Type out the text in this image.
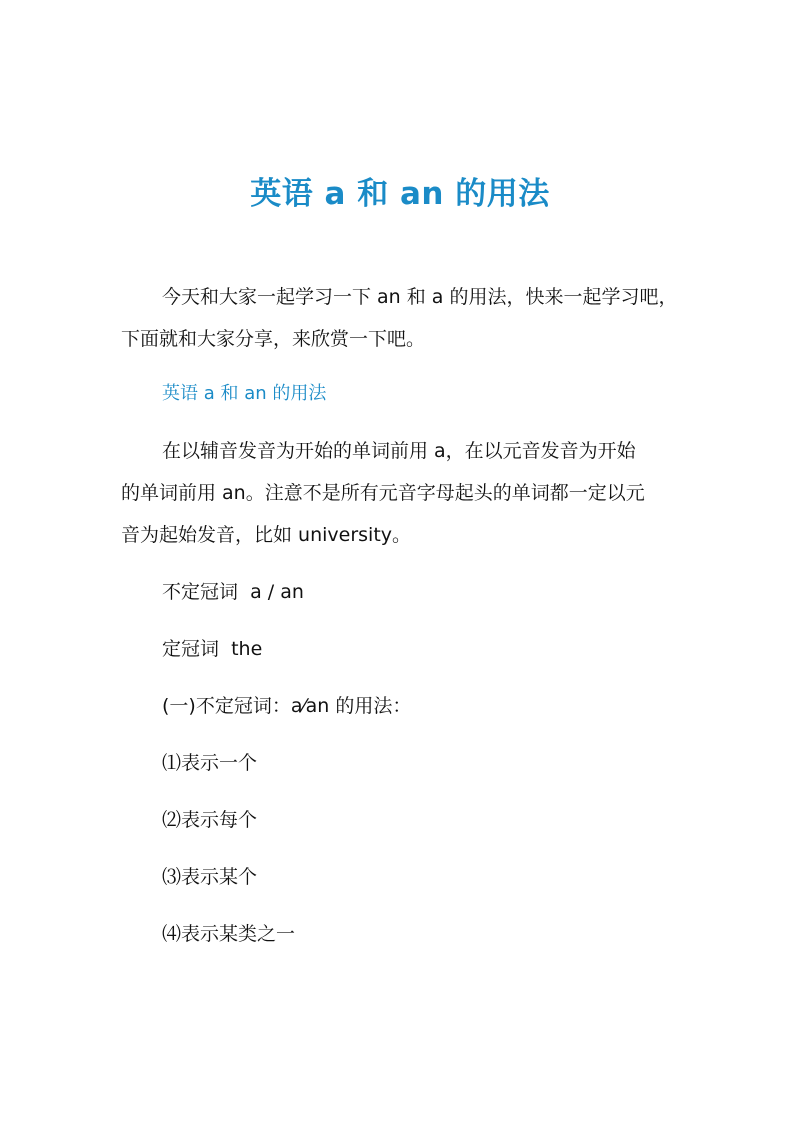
英语 a 和 an 的用法
今天和大家一起学习一下 an 和 a 的用法，快来一起学习吧，
下面就和大家分享，来欣赏一下吧。
英语 a 和 an 的用法
在以辅音发音为开始的单词前用 a，在以元音发音为开始
的单词前用 an。注意不是所有元音字母起头的单词都一定以元
音为起始发音，比如 university。
不定冠词  a / an
定冠词  the
(一)不定冠词：a⁄an 的用法：
⑴表示一个
⑵表示每个
⑶表示某个
⑷表示某类之一
